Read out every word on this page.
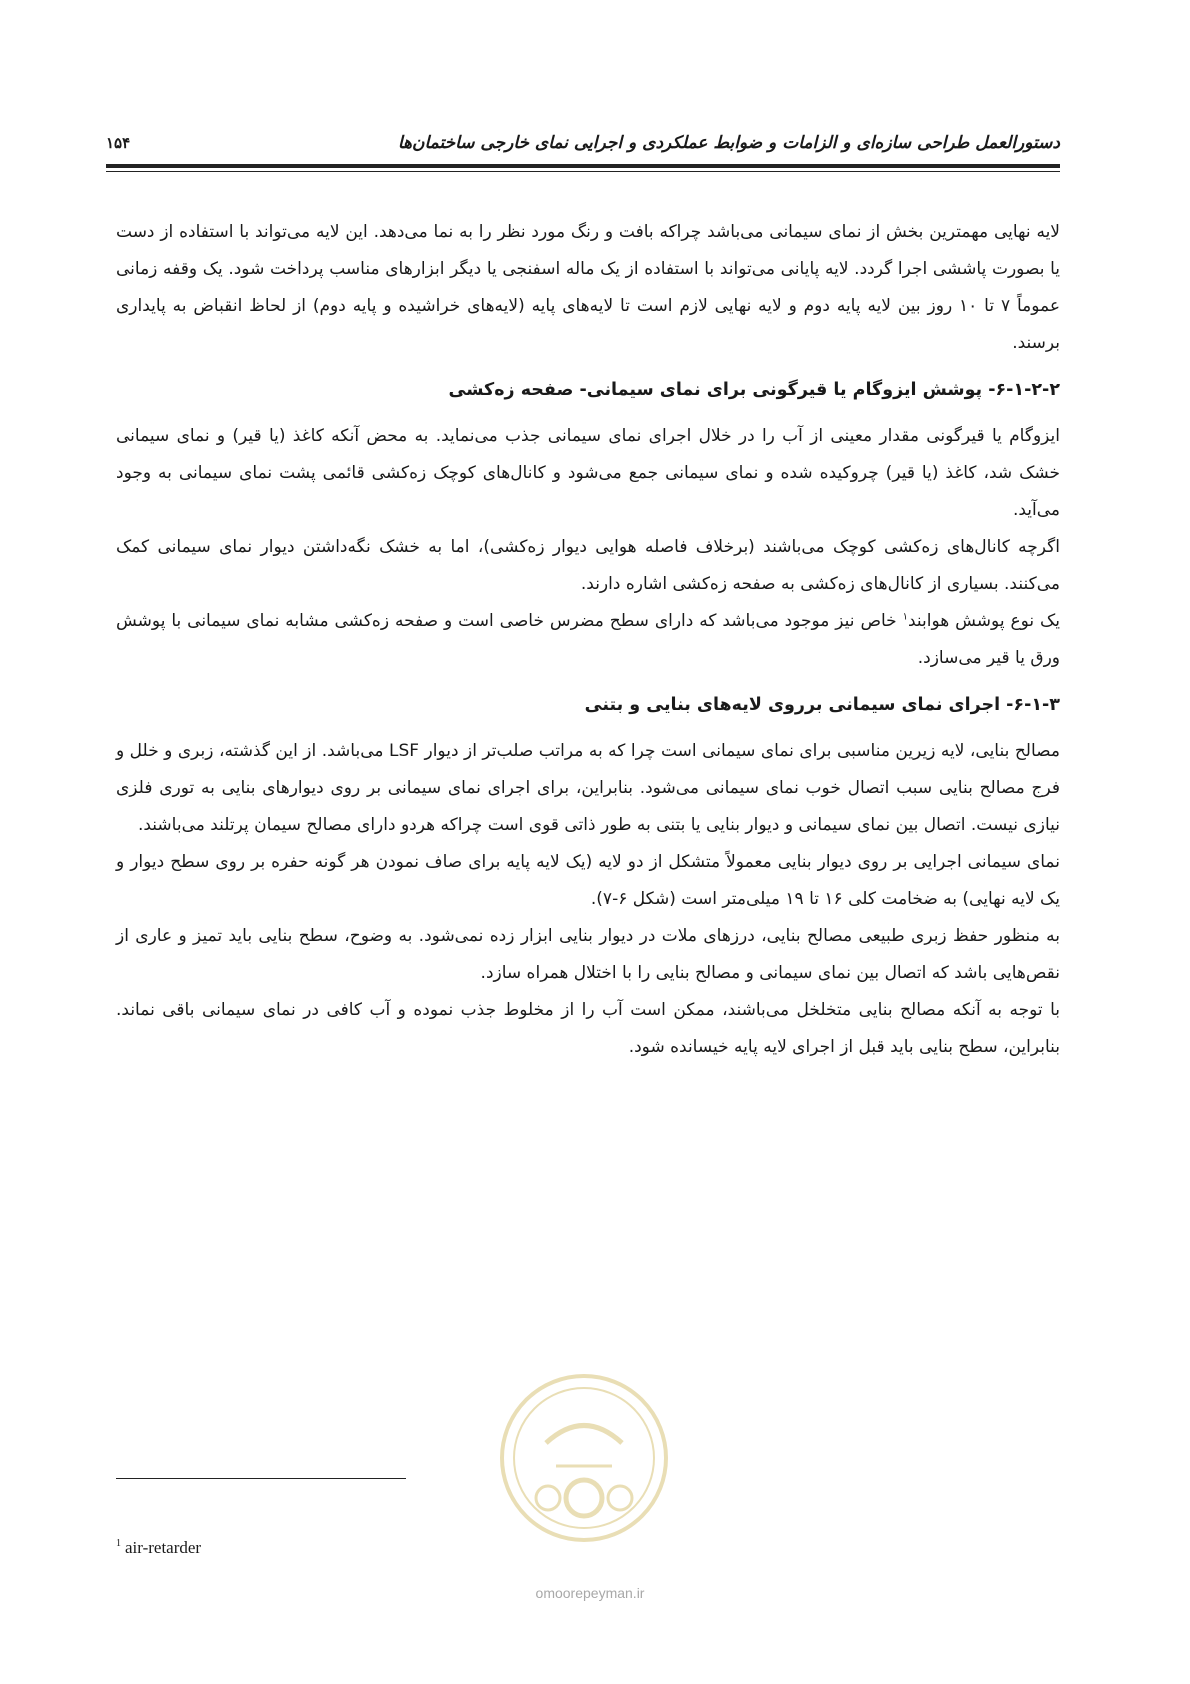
۱۵۴	دستورالعمل طراحی سازه‌ای و الزامات و ضوابط عملکردی و اجرایی نمای خارجی ساختمان‌ها

لایه نهایی مهمترین بخش از نمای سیمانی می‌باشد چراکه بافت و رنگ مورد نظر را به نما می‌دهد. این لایه می‌تواند با استفاده از دست یا بصورت پاششی اجرا گردد. لایه پایانی می‌تواند با استفاده از یک ماله اسفنجی یا دیگر ابزارهای مناسب پرداخت شود. یک وقفه زمانی عموماً ۷ تا ۱۰ روز بین لایه پایه دوم و لایه نهایی لازم است تا لایه‌های پایه (لایه‌های خراشیده و پایه دوم) از لحاظ انقباض به پایداری برسند.

۶-۱-۲-۲- پوشش ایزوگام یا قیرگونی برای نمای سیمانی- صفحه زه‌کشی

ایزوگام یا قیرگونی مقدار معینی از آب را در خلال اجرای نمای سیمانی جذب می‌نماید. به محض آنکه کاغذ (یا قیر) و نمای سیمانی خشک شد، کاغذ (یا قیر) چروکیده شده و نمای سیمانی جمع می‌شود و کانال‌های کوچک زه‌کشی قائمی پشت نمای سیمانی به وجود می‌آید.

اگرچه کانال‌های زه‌کشی کوچک می‌باشند (برخلاف فاصله هوایی دیوار زه‌کشی)، اما به خشک نگه‌داشتن دیوار نمای سیمانی کمک می‌کنند. بسیاری از کانال‌های زه‌کشی به صفحه زه‌کشی اشاره دارند.

یک نوع پوشش هوابند$^۱$ خاص نیز موجود می‌باشد که دارای سطح مضرس خاصی است و صفحه زه‌کشی مشابه نمای سیمانی با پوشش ورق یا قیر می‌سازد.

۶-۱-۳- اجرای نمای سیمانی برروی لایه‌های بنایی و بتنی

مصالح بنایی، لایه زیرین مناسبی برای نمای سیمانی است چرا که به مراتب صلب‌تر از دیوار LSF می‌باشد. از این گذشته، زبری و خلل و فرج مصالح بنایی سبب اتصال خوب نمای سیمانی می‌شود. بنابراین، برای اجرای نمای سیمانی بر روی دیوارهای بنایی به توری فلزی نیازی نیست. اتصال بین نمای سیمانی و دیوار بنایی یا بتنی به طور ذاتی قوی است چراکه هردو دارای مصالح سیمان پرتلند می‌باشند.

نمای سیمانی اجرایی بر روی دیوار بنایی معمولاً متشکل از دو لایه (یک لایه پایه برای صاف نمودن هر گونه حفره بر روی سطح دیوار و یک لایه نهایی) به ضخامت کلی ۱۶ تا ۱۹ میلی‌متر است (شکل ۶-۷).

به منظور حفظ زبری طبیعی مصالح بنایی، درزهای ملات در دیوار بنایی ابزار زده نمی‌شود. به وضوح، سطح بنایی باید تمیز و عاری از نقص‌هایی باشد که اتصال بین نمای سیمانی و مصالح بنایی را با اختلال همراه سازد.

با توجه به آنکه مصالح بنایی متخلخل می‌باشند، ممکن است آب را از مخلوط جذب نموده و آب کافی در نمای سیمانی باقی نماند. بنابراین، سطح بنایی باید قبل از اجرای لایه پایه خیسانده شود.

omoorepeyman.ir
$^1$ air-retarder
